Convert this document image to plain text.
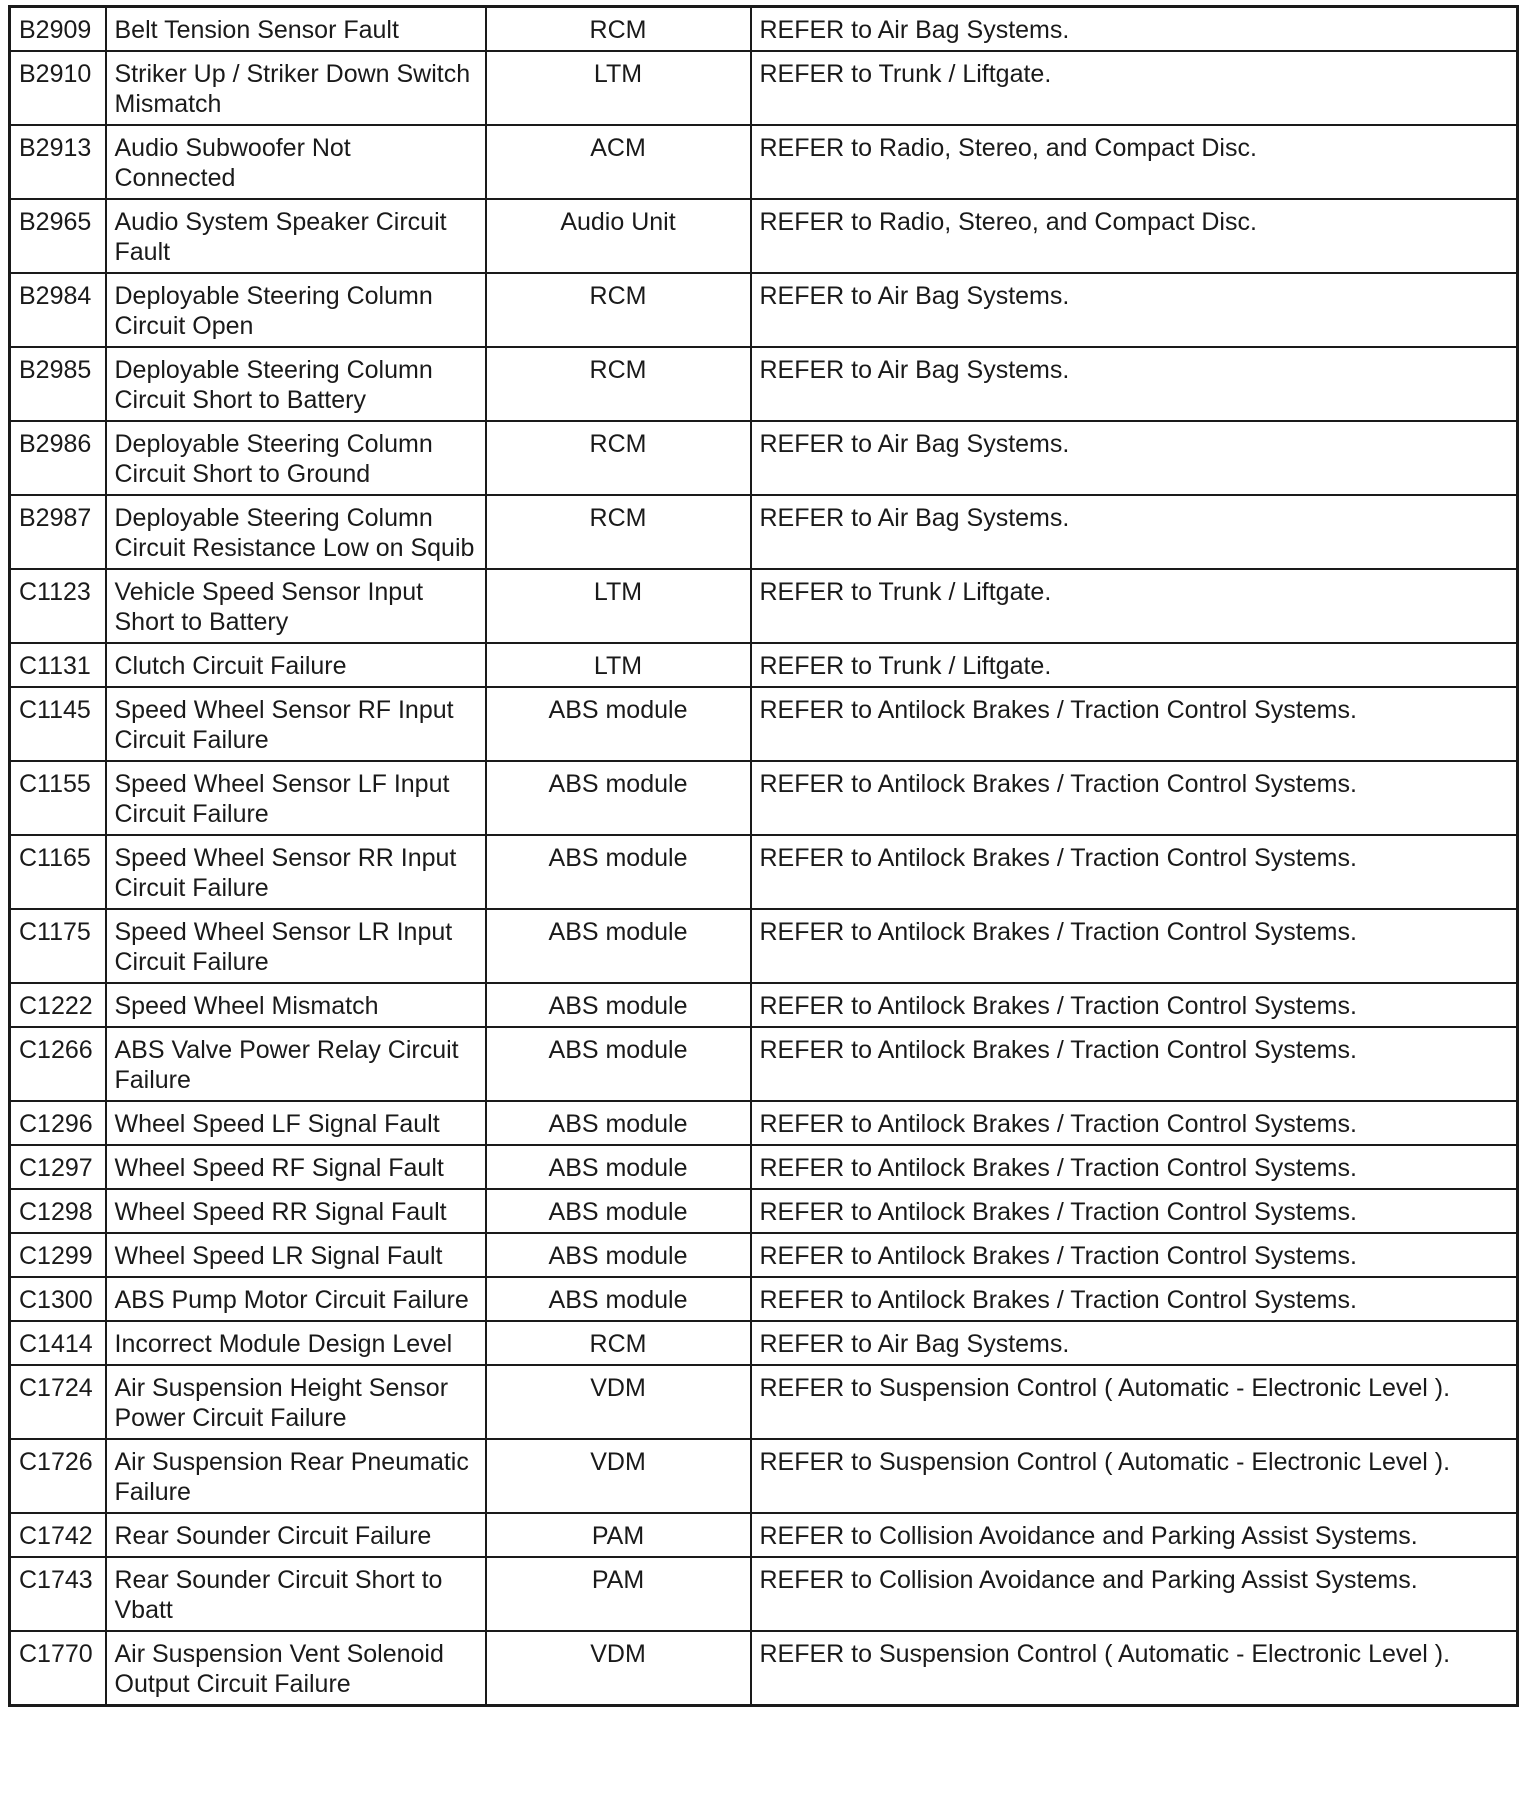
B2909	Belt Tension Sensor Fault	RCM	REFER to Air Bag Systems.
B2910	Striker Up / Striker Down Switch Mismatch	LTM	REFER to Trunk / Liftgate.
B2913	Audio Subwoofer Not Connected	ACM	REFER to Radio, Stereo, and Compact Disc.
B2965	Audio System Speaker Circuit Fault	Audio Unit	REFER to Radio, Stereo, and Compact Disc.
B2984	Deployable Steering Column Circuit Open	RCM	REFER to Air Bag Systems.
B2985	Deployable Steering Column Circuit Short to Battery	RCM	REFER to Air Bag Systems.
B2986	Deployable Steering Column Circuit Short to Ground	RCM	REFER to Air Bag Systems.
B2987	Deployable Steering Column Circuit Resistance Low on Squib	RCM	REFER to Air Bag Systems.
C1123	Vehicle Speed Sensor Input Short to Battery	LTM	REFER to Trunk / Liftgate.
C1131	Clutch Circuit Failure	LTM	REFER to Trunk / Liftgate.
C1145	Speed Wheel Sensor RF Input Circuit Failure	ABS module	REFER to Antilock Brakes / Traction Control Systems.
C1155	Speed Wheel Sensor LF Input Circuit Failure	ABS module	REFER to Antilock Brakes / Traction Control Systems.
C1165	Speed Wheel Sensor RR Input Circuit Failure	ABS module	REFER to Antilock Brakes / Traction Control Systems.
C1175	Speed Wheel Sensor LR Input Circuit Failure	ABS module	REFER to Antilock Brakes / Traction Control Systems.
C1222	Speed Wheel Mismatch	ABS module	REFER to Antilock Brakes / Traction Control Systems.
C1266	ABS Valve Power Relay Circuit Failure	ABS module	REFER to Antilock Brakes / Traction Control Systems.
C1296	Wheel Speed LF Signal Fault	ABS module	REFER to Antilock Brakes / Traction Control Systems.
C1297	Wheel Speed RF Signal Fault	ABS module	REFER to Antilock Brakes / Traction Control Systems.
C1298	Wheel Speed RR Signal Fault	ABS module	REFER to Antilock Brakes / Traction Control Systems.
C1299	Wheel Speed LR Signal Fault	ABS module	REFER to Antilock Brakes / Traction Control Systems.
C1300	ABS Pump Motor Circuit Failure	ABS module	REFER to Antilock Brakes / Traction Control Systems.
C1414	Incorrect Module Design Level	RCM	REFER to Air Bag Systems.
C1724	Air Suspension Height Sensor Power Circuit Failure	VDM	REFER to Suspension Control ( Automatic - Electronic Level ).
C1726	Air Suspension Rear Pneumatic Failure	VDM	REFER to Suspension Control ( Automatic - Electronic Level ).
C1742	Rear Sounder Circuit Failure	PAM	REFER to Collision Avoidance and Parking Assist Systems.
C1743	Rear Sounder Circuit Short to Vbatt	PAM	REFER to Collision Avoidance and Parking Assist Systems.
C1770	Air Suspension Vent Solenoid Output Circuit Failure	VDM	REFER to Suspension Control ( Automatic - Electronic Level ).
